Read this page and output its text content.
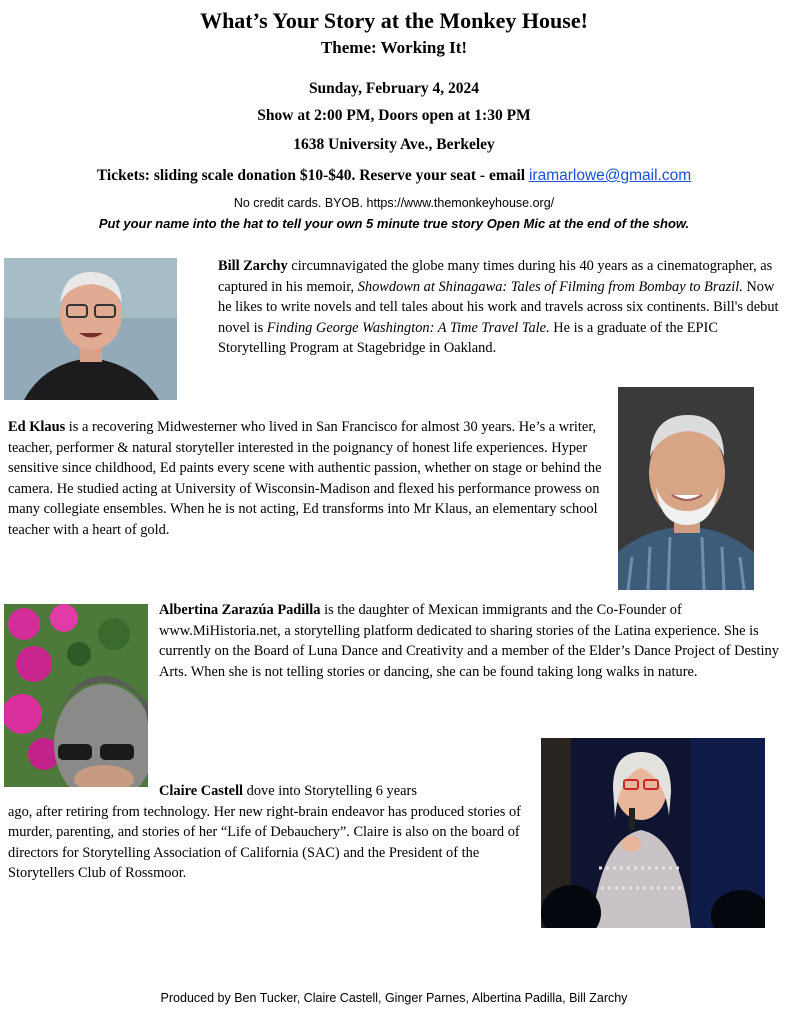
What’s Your Story at the Monkey House!
Theme: Working It!
Sunday, February 4, 2024
Show at 2:00 PM, Doors open at 1:30 PM
1638 University Ave., Berkeley
Tickets: sliding scale donation $10-$40. Reserve your seat - email iramarlowe@gmail.com
No credit cards. BYOB. https://www.themonkeyhouse.org/
Put your name into the hat to tell your own 5 minute true story Open Mic at the end of the show.
Bill Zarchy circumnavigated the globe many times during his 40 years as a cinematographer, as captured in his memoir, Showdown at Shinagawa: Tales of Filming from Bombay to Brazil. Now he likes to write novels and tell tales about his work and travels across six continents. Bill's debut novel is Finding George Washington: A Time Travel Tale. He is a graduate of the EPIC Storytelling Program at Stagebridge in Oakland.
Ed Klaus is a recovering Midwesterner who lived in San Francisco for almost 30 years. He’s a writer, teacher, performer & natural storyteller interested in the poignancy of honest life experiences. Hyper sensitive since childhood, Ed paints every scene with authentic passion, whether on stage or behind the camera. He studied acting at University of Wisconsin-Madison and flexed his performance prowess on many collegiate ensembles. When he is not acting, Ed transforms into Mr Klaus, an elementary school teacher with a heart of gold.
Albertina Zarazúa Padilla is the daughter of Mexican immigrants and the Co-Founder of www.MiHistoria.net, a storytelling platform dedicated to sharing stories of the Latina experience. She is currently on the Board of Luna Dance and Creativity and a member of the Elder’s Dance Project of Destiny Arts. When she is not telling stories or dancing, she can be found taking long walks in nature.
Claire Castell dove into Storytelling 6 years
ago, after retiring from technology. Her new right-brain endeavor has produced stories of murder, parenting, and stories of her “Life of Debauchery”. Claire is also on the board of directors for Storytelling Association of California (SAC) and the President of the Storytellers Club of Rossmoor.
Produced by Ben Tucker, Claire Castell, Ginger Parnes, Albertina Padilla, Bill Zarchy
